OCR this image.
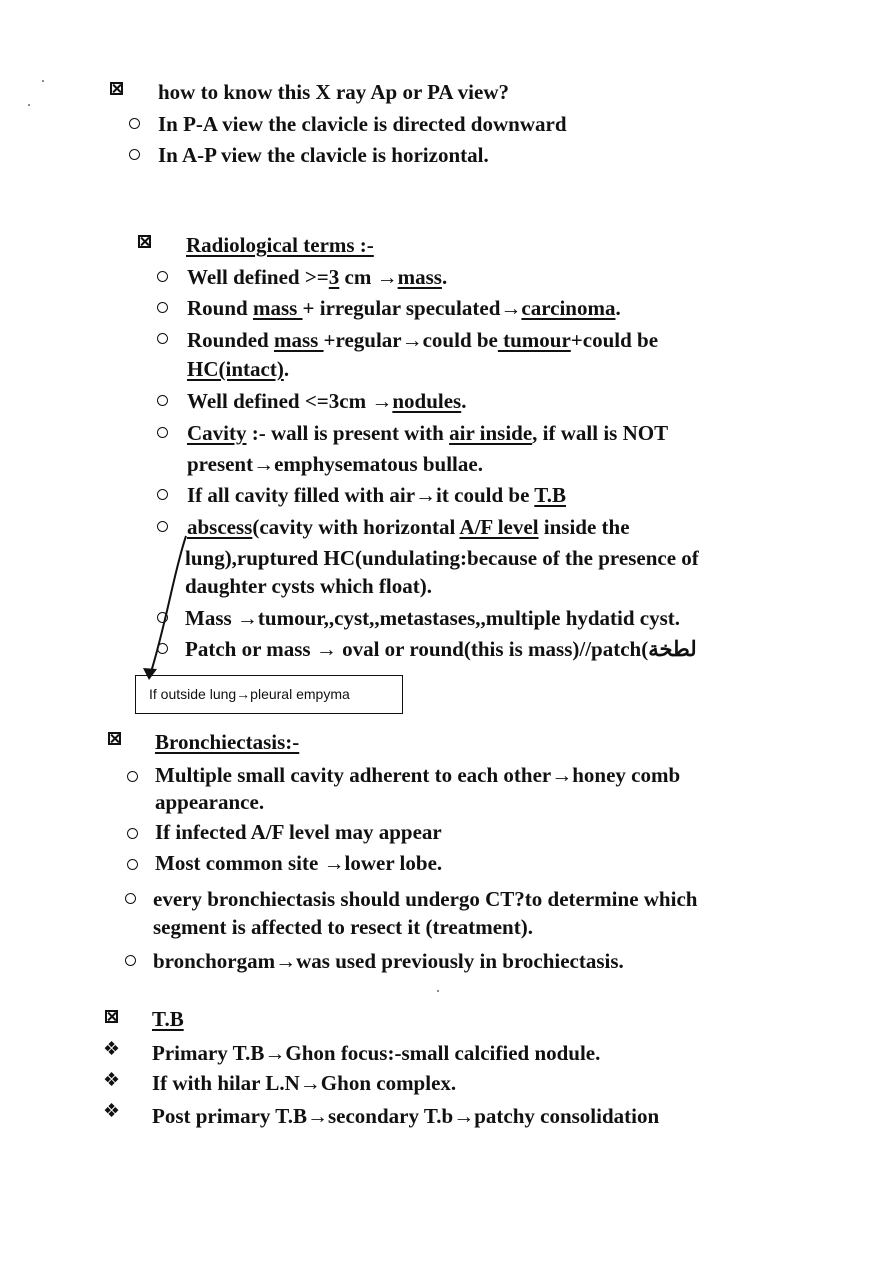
how to know this X ray Ap or PA view?
In P-A view the clavicle is directed downward
In A-P view the clavicle is horizontal.
Radiological terms :-
Well defined >=3 cm →mass.
Round mass + irregular speculated→carcinoma.
Rounded mass +regular→could be tumour+could be
HC(intact).
Well defined <=3cm →nodules.
Cavity :- wall is present with air inside, if wall is NOT
present→emphysematous bullae.
If all cavity filled with air→it could be T.B
abscess(cavity with horizontal A/F level inside the
lung),ruptured HC(undulating:because of the presence of
daughter cysts which float).
Mass →tumour,,cyst,,metastases,,multiple hydatid cyst.
Patch or mass → oval or round(this is mass)//patch(لطخة
If outside lung→pleural empyma
Bronchiectasis:-
Multiple small cavity adherent to each other→honey comb
appearance.
If infected A/F level may appear
Most common site →lower lobe.
every bronchiectasis should undergo CT?to determine which
segment is affected to resect it (treatment).
bronchorgam→was used previously in brochiectasis.
T.B
❖ Primary T.B→Ghon focus:-small calcified nodule.
❖ If with hilar L.N→Ghon complex.
❖ Post primary T.B→secondary T.b→patchy consolidation
